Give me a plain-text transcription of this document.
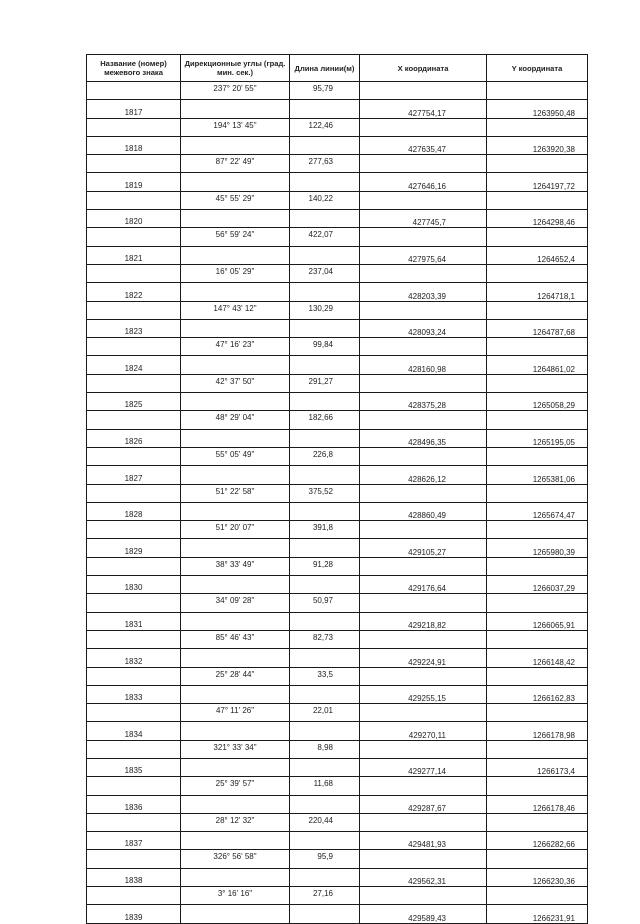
Название (номер) межевого знака	Дирекционные углы (град. мин. сек.)	Длина линии(м)	X координата	Y координата
	237° 20' 55"	95,79		
1817			427754,17	1263950,48
	194° 13' 45"	122,46		
1818			427635,47	1263920,38
	87° 22' 49"	277,63		
1819			427646,16	1264197,72
	45° 55' 29"	140,22		
1820			427745,7	1264298,46
	56° 59' 24"	422,07		
1821			427975,64	1264652,4
	16° 05' 29"	237,04		
1822			428203,39	1264718,1
	147° 43' 12"	130,29		
1823			428093,24	1264787,68
	47° 16' 23"	99,84		
1824			428160,98	1264861,02
	42° 37' 50"	291,27		
1825			428375,28	1265058,29
	48° 29' 04"	182,66		
1826			428496,35	1265195,05
	55° 05' 49"	226,8		
1827			428626,12	1265381,06
	51° 22' 58"	375,52		
1828			428860,49	1265674,47
	51° 20' 07"	391,8		
1829			429105,27	1265980,39
	38° 33' 49"	91,28		
1830			429176,64	1266037,29
	34° 09' 28"	50,97		
1831			429218,82	1266065,91
	85° 46' 43"	82,73		
1832			429224,91	1266148,42
	25° 28' 44"	33,5		
1833			429255,15	1266162,83
	47° 11' 26"	22,01		
1834			429270,11	1266178,98
	321° 33' 34"	8,98		
1835			429277,14	1266173,4
	25° 39' 57"	11,68		
1836			429287,67	1266178,46
	28° 12' 32"	220,44		
1837			429481,93	1266282,66
	326° 56' 58"	95,9		
1838			429562,31	1266230,36
	3° 16' 16"	27,16		
1839			429589,43	1266231,91
